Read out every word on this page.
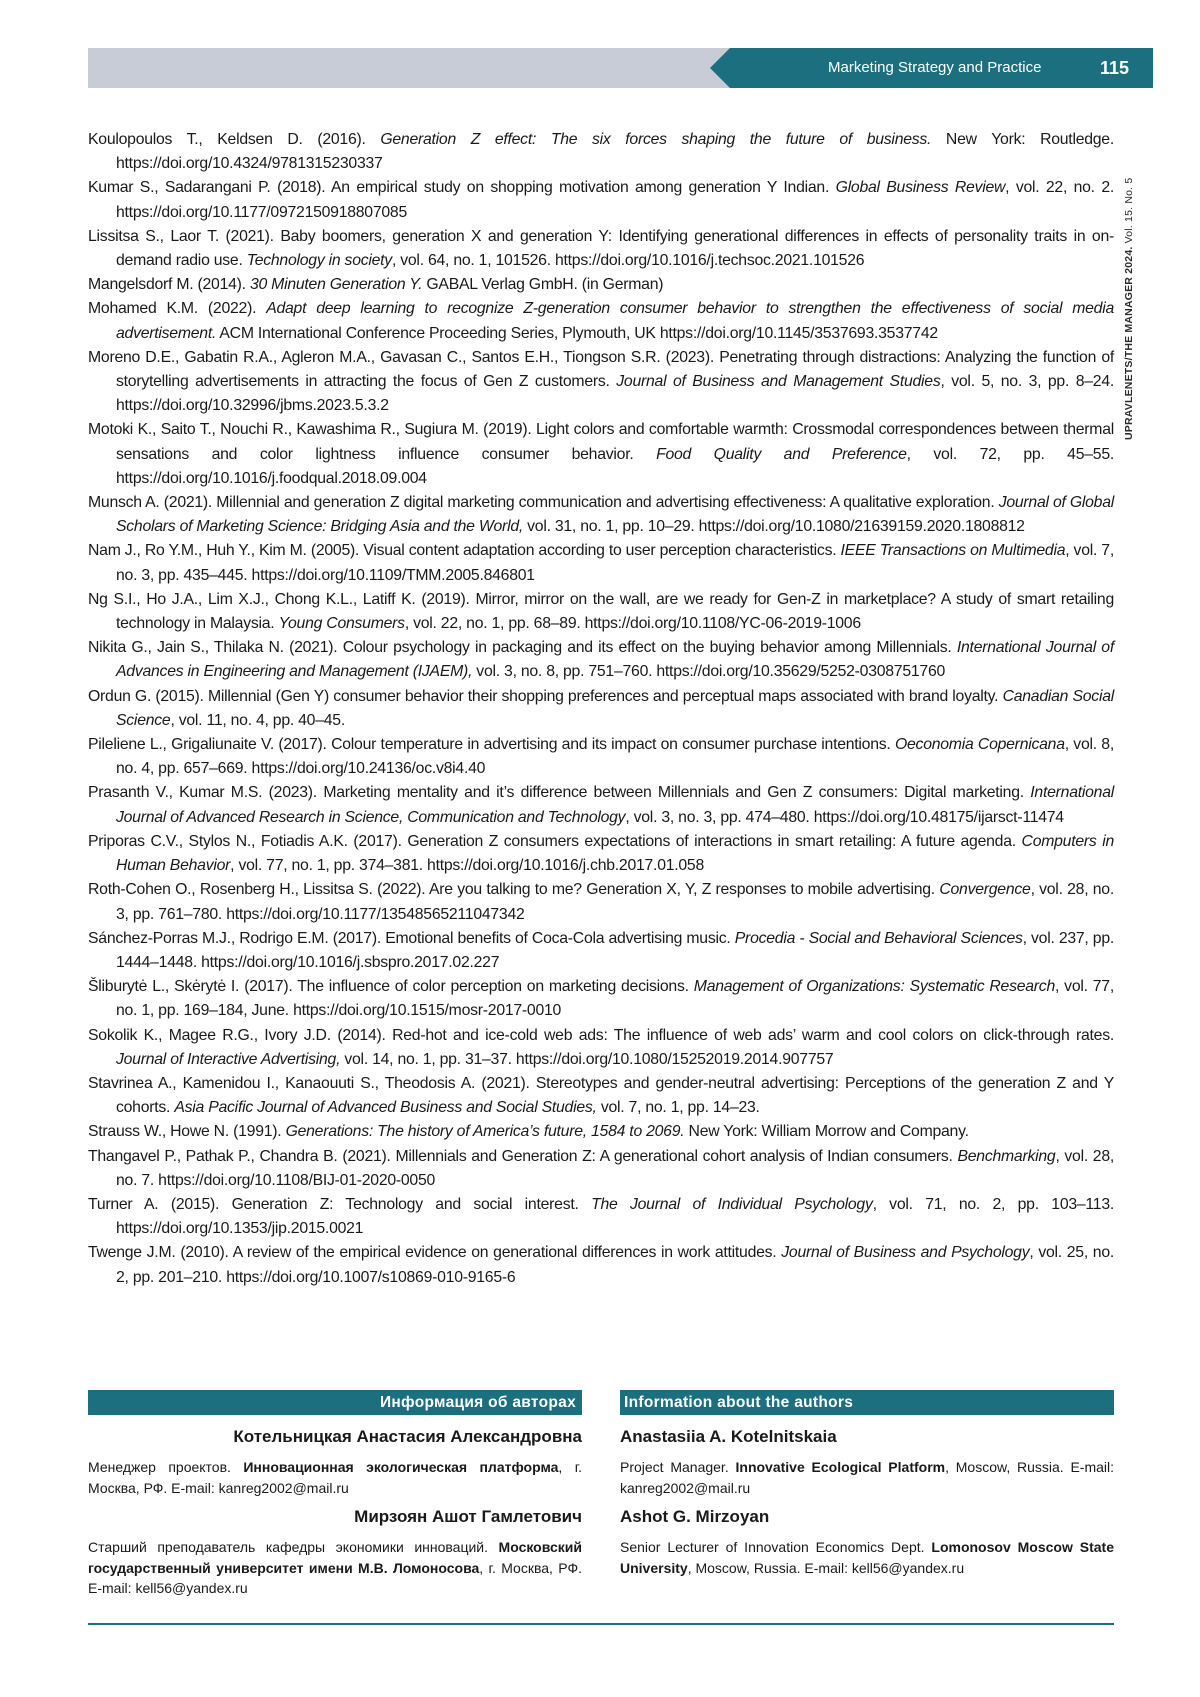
Marketing Strategy and Practice	115
UPRAVLENETS/THE MANAGER 2024. Vol. 15. No. 5
Koulopoulos T., Keldsen D. (2016). Generation Z effect: The six forces shaping the future of business. New York: Routledge. https://doi.org/10.4324/9781315230337
Kumar S., Sadarangani P. (2018). An empirical study on shopping motivation among generation Y Indian. Global Business Review, vol. 22, no. 2. https://doi.org/10.1177/0972150918807085
Lissitsa S., Laor T. (2021). Baby boomers, generation X and generation Y: Identifying generational differences in effects of personality traits in on-demand radio use. Technology in society, vol. 64, no. 1, 101526. https://doi.org/10.1016/j.techsoc.2021.101526
Mangelsdorf M. (2014). 30 Minuten Generation Y. GABAL Verlag GmbH. (in German)
Mohamed K.M. (2022). Adapt deep learning to recognize Z-generation consumer behavior to strengthen the effectiveness of social media advertisement. ACM International Conference Proceeding Series, Plymouth, UK https://doi.org/10.1145/3537693.3537742
Moreno D.E., Gabatin R.A., Agleron M.A., Gavasan C., Santos E.H., Tiongson S.R. (2023). Penetrating through distractions: Analyzing the function of storytelling advertisements in attracting the focus of Gen Z customers. Journal of Business and Management Studies, vol. 5, no. 3, pp. 8–24. https://doi.org/10.32996/jbms.2023.5.3.2
Motoki K., Saito T., Nouchi R., Kawashima R., Sugiura M. (2019). Light colors and comfortable warmth: Crossmodal correspondences between thermal sensations and color lightness influence consumer behavior. Food Quality and Preference, vol. 72, pp. 45–55. https://doi.org/10.1016/j.foodqual.2018.09.004
Munsch A. (2021). Millennial and generation Z digital marketing communication and advertising effectiveness: A qualitative exploration. Journal of Global Scholars of Marketing Science: Bridging Asia and the World, vol. 31, no. 1, pp. 10–29. https://doi.org/10.1080/21639159.2020.1808812
Nam J., Ro Y.M., Huh Y., Kim M. (2005). Visual content adaptation according to user perception characteristics. IEEE Transactions on Multimedia, vol. 7, no. 3, pp. 435–445. https://doi.org/10.1109/TMM.2005.846801
Ng S.I., Ho J.A., Lim X.J., Chong K.L., Latiff K. (2019). Mirror, mirror on the wall, are we ready for Gen-Z in marketplace? A study of smart retailing technology in Malaysia. Young Consumers, vol. 22, no. 1, pp. 68–89. https://doi.org/10.1108/YC-06-2019-1006
Nikita G., Jain S., Thilaka N. (2021). Colour psychology in packaging and its effect on the buying behavior among Millennials. International Journal of Advances in Engineering and Management (IJAEM), vol. 3, no. 8, pp. 751–760. https://doi.org/10.35629/5252-0308751760
Ordun G. (2015). Millennial (Gen Y) consumer behavior their shopping preferences and perceptual maps associated with brand loyalty. Canadian Social Science, vol. 11, no. 4, pp. 40–45.
Pileliene L., Grigaliunaite V. (2017). Colour temperature in advertising and its impact on consumer purchase intentions. Oeconomia Copernicana, vol. 8, no. 4, pp. 657–669. https://doi.org/10.24136/oc.v8i4.40
Prasanth V., Kumar M.S. (2023). Marketing mentality and it’s difference between Millennials and Gen Z consumers: Digital marketing. International Journal of Advanced Research in Science, Communication and Technology, vol. 3, no. 3, pp. 474–480. https://doi.org/10.48175/ijarsct-11474
Priporas C.V., Stylos N., Fotiadis A.K. (2017). Generation Z consumers expectations of interactions in smart retailing: A future agenda. Computers in Human Behavior, vol. 77, no. 1, pp. 374–381. https://doi.org/10.1016/j.chb.2017.01.058
Roth-Cohen O., Rosenberg H., Lissitsa S. (2022). Are you talking to me? Generation X, Y, Z responses to mobile advertising. Convergence, vol. 28, no. 3, pp. 761–780. https://doi.org/10.1177/13548565211047342
Sánchez-Porras M.J., Rodrigo E.M. (2017). Emotional benefits of Coca-Cola advertising music. Procedia - Social and Behavioral Sciences, vol. 237, pp. 1444–1448. https://doi.org/10.1016/j.sbspro.2017.02.227
Šliburytė L., Skėrytė I. (2017). The influence of color perception on marketing decisions. Management of Organizations: Systematic Research, vol. 77, no. 1, pp. 169–184, June. https://doi.org/10.1515/mosr-2017-0010
Sokolik K., Magee R.G., Ivory J.D. (2014). Red-hot and ice-cold web ads: The influence of web ads’ warm and cool colors on click-through rates. Journal of Interactive Advertising, vol. 14, no. 1, pp. 31–37. https://doi.org/10.1080/15252019.2014.907757
Stavrinea A., Kamenidou I., Kanaouuti S., Theodosis A. (2021). Stereotypes and gender-neutral advertising: Perceptions of the generation Z and Y cohorts. Asia Pacific Journal of Advanced Business and Social Studies, vol. 7, no. 1, pp. 14–23.
Strauss W., Howe N. (1991). Generations: The history of America’s future, 1584 to 2069. New York: William Morrow and Company.
Thangavel P., Pathak P., Chandra B. (2021). Millennials and Generation Z: A generational cohort analysis of Indian consumers. Benchmarking, vol. 28, no. 7. https://doi.org/10.1108/BIJ-01-2020-0050
Turner A. (2015). Generation Z: Technology and social interest. The Journal of Individual Psychology, vol. 71, no. 2, pp. 103–113. https://doi.org/10.1353/jip.2015.0021
Twenge J.M. (2010). A review of the empirical evidence on generational differences in work attitudes. Journal of Business and Psychology, vol. 25, no. 2, pp. 201–210. https://doi.org/10.1007/s10869-010-9165-6
Информация об авторах	Information about the authors
Котельницкая Анастасия Александровна
Менеджер проектов. Инновационная экологическая платформа, г. Москва, РФ. E-mail: kanreg2002@mail.ru
Anastasiia A. Kotelnitskaia
Project Manager. Innovative Ecological Platform, Moscow, Russia. E-mail: kanreg2002@mail.ru
Мирзоян Ашот Гамлетович
Старший преподаватель кафедры экономики инноваций. Московский государственный университет имени М.В. Ломоносова, г. Москва, РФ. E-mail: kell56@yandex.ru
Ashot G. Mirzoyan
Senior Lecturer of Innovation Economics Dept. Lomonosov Moscow State University, Moscow, Russia. E-mail: kell56@yandex.ru
